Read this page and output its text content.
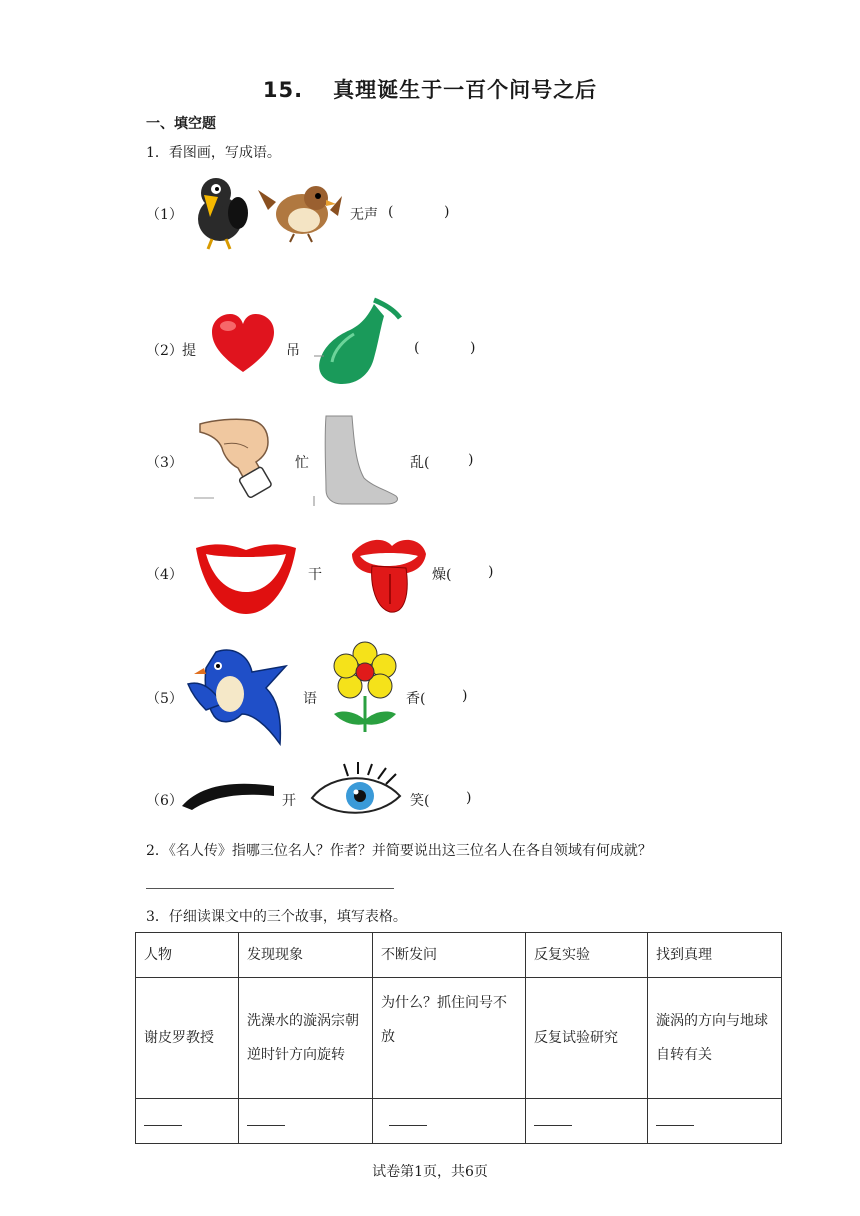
15. 真理诞生于一百个问号之后
一、填空题
1．看图画，写成语。
（1）	无声 (	)
（2） 提	吊	(	)
（3）	忙	乱(	)
（4）	干	燥(	)
（5）	语	香(	)
（6）	开	笑(	)
2．《名人传》指哪三位名人？作者？并简要说出这三位名人在各自领域有何成就？
3．仔细读课文中的三个故事，填写表格。
人物	发现现象	不断发问	反复实验	找到真理
谢皮罗教授	洗澡水的漩涡宗朝逆时针方向旋转	为什么？抓住问号不放	反复试验研究	漩涡的方向与地球自转有关

试卷第1页，共6页
